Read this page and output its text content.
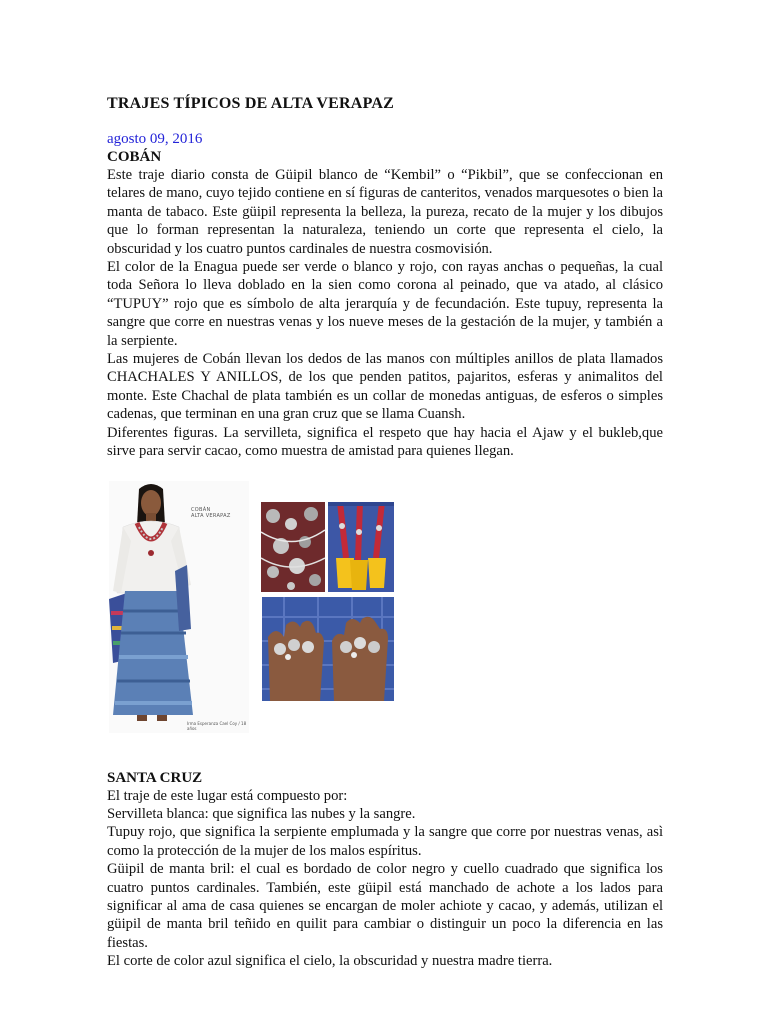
TRAJES TÍPICOS DE ALTA VERAPAZ
agosto 09, 2016
COBÁN

Este traje diario consta de Güipil blanco de “Kembil” o “Pikbil”, que se confeccionan en telares de mano, cuyo tejido contiene en sí figuras de canteritos, venados marquesotes o bien la manta de tabaco. Este güipil representa la belleza, la pureza, recato de la mujer y los dibujos que lo forman representan la naturaleza, teniendo un corte que representa el cielo, la obscuridad y los cuatro puntos cardinales de nuestra cosmovisión.

El color de la Enagua puede ser verde o blanco y rojo, con rayas anchas o pequeñas, la cual toda Señora lo lleva doblado en la sien como corona al peinado, que va atado, al clásico “TUPUY” rojo que es símbolo de alta jerarquía y de fecundación. Este tupuy, representa la sangre que corre en nuestras venas y los nueve meses de la gestación de la mujer, y también a la serpiente.

Las mujeres de Cobán llevan los dedos de las manos con múltiples anillos de plata llamados CHACHALES Y ANILLOS, de los que penden patitos, pajaritos, esferas y animalitos del monte. Este Chachal de plata también es un collar de monedas antiguas, de esferos o simples cadenas, que terminan en una gran cruz que se llama Cuansh.

Diferentes figuras. La servilleta, significa el respeto que hay hacia el Ajaw y el bukleb,que sirve para servir cacao, como muestra de amistad para quienes llegan.

COBÁN
ALTA VERAPAZ
Irma Esperanza Cael Coy / 18 años
SANTA CRUZ

El traje de este lugar está compuesto por:

Servilleta blanca: que significa las nubes y la sangre.

Tupuy rojo, que significa la serpiente emplumada y la sangre que corre por nuestras venas, asì como la protección de la mujer de los malos espíritus.

Güipil de manta bril: el cual es bordado de color negro y cuello cuadrado que significa los cuatro puntos cardinales. También, este güipil está manchado de achote a los lados para significar al ama de casa quienes se encargan de moler achiote y cacao, y además, utilizan el güipil de manta bril teñido en quilit para cambiar o distinguir un poco la diferencia en las fiestas.

El corte de color azul significa el cielo, la obscuridad y nuestra madre tierra.
